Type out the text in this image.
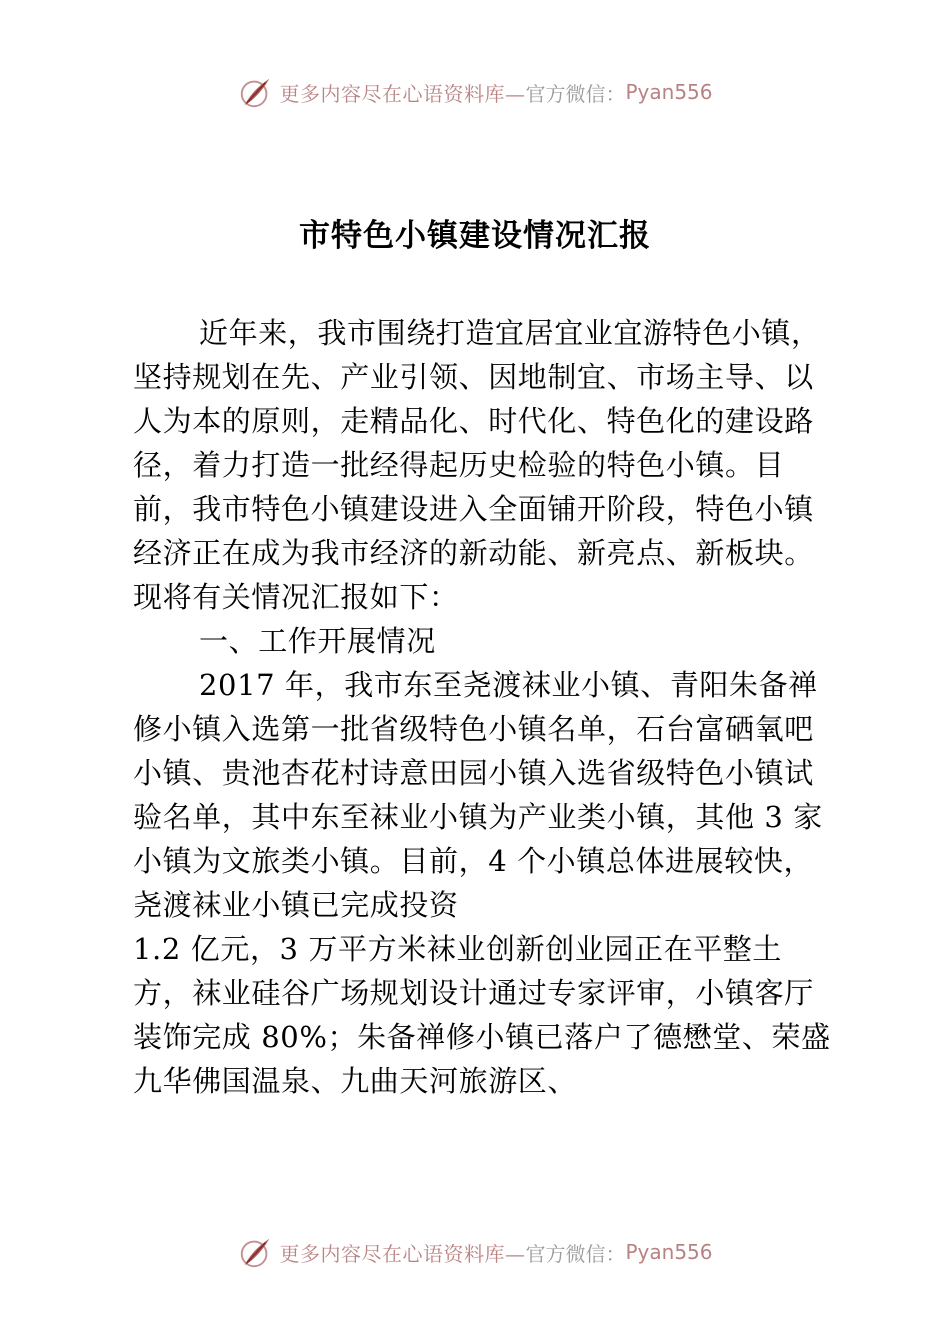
更多内容尽在心语资料库— 官方微信： Pyan556
市特色小镇建设情况汇报

近年来，我市围绕打造宜居宜业宜游特色小镇，坚持规划在先、产业引领、因地制宜、市场主导、以人为本的原则，走精品化、时代化、特色化的建设路径，着力打造一批经得起历史检验的特色小镇。目前，我市特色小镇建设进入全面铺开阶段，特色小镇经济正在成为我市经济的新动能、新亮点、新板块。现将有关情况汇报如下：

一、工作开展情况

2017 年，我市东至尧渡袜业小镇、青阳朱备禅修小镇入选第一批省级特色小镇名单，石台富硒氧吧小镇、贵池杏花村诗意田园小镇入选省级特色小镇试验名单，其中东至袜业小镇为产业类小镇，其他 3 家小镇为文旅类小镇。目前，4 个小镇总体进展较快，尧渡袜业小镇已完成投资

1.2 亿元，3 万平方米袜业创新创业园正在平整土方，袜业硅谷广场规划设计通过专家评审，小镇客厅装饰完成 80%；朱备禅修小镇已落户了德懋堂、荣盛九华佛国温泉、九曲天河旅游区、

更多内容尽在心语资料库— 官方微信： Pyan556
